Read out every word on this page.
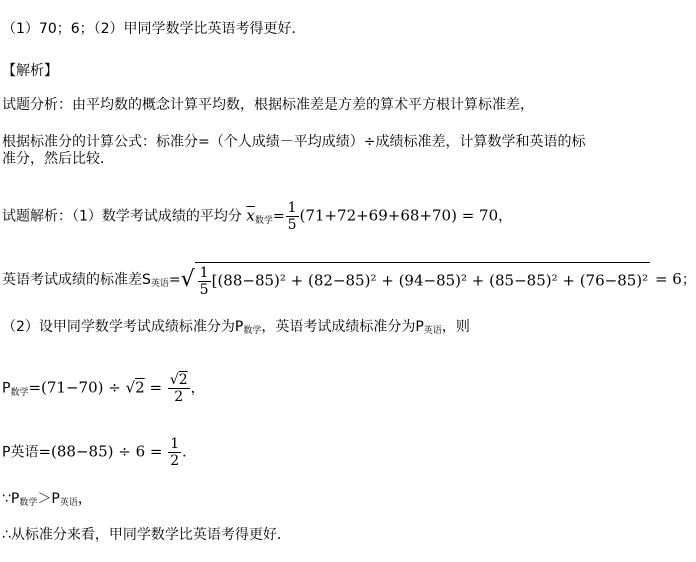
（1）70；6；（2）甲同学数学比英语考得更好．
【解析】
试题分析：由平均数的概念计算平均数，根据标准差是方差的算术平方根计算标准差，
根据标准分的计算公式：标准分=（个人成绩－平均成绩）÷成绩标准差，计算数学和英语的标
准分，然后比较．
试题解析：（1）数学考试成绩的平均分 $\overline{x}$数学= $\frac{1}{5} (71+72+69+68+70) = 70$，
英语考试成绩的标准差S英语=√ $\frac{1}{5} [(88-85)^2 + (82-85)^2 + (94-85)^2 + (85-85)^2 + (76-85)^2 = 6$；
（2）设甲同学数学考试成绩标准分为P数学，英语考试成绩标准分为P英语，则
P数学$=(71-70) \div √2 = \frac{√2}{2}$ ，
P英语$=(88-85) \div 6 = \frac{1}{2}$ ．
∵P数学＞P英语，
∴从标准分来看，甲同学数学比英语考得更好．
